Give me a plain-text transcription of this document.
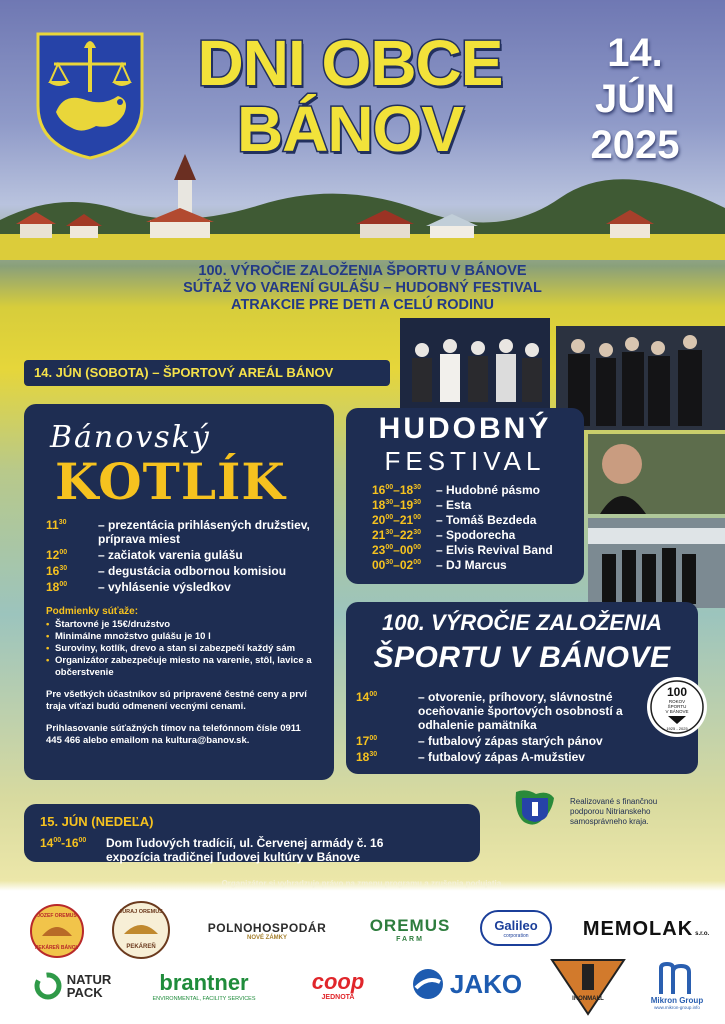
DNI OBCE
BÁNOV
14.
JÚN
2025
100. VÝROČIE ZALOŽENIA ŠPORTU V BÁNOVE
SÚŤAŽ VO VARENÍ GULÁŠU – HUDOBNÝ FESTIVAL
ATRAKCIE PRE DETI A CELÚ RODINU
14. JÚN (SOBOTA) – ŠPORTOVÝ AREÁL BÁNOV
Bánovský
KOTLÍK
$11^{30}$	– prezentácia prihlásených družstiev, príprava miest
$12^{00}$	– začiatok varenia gulášu
$16^{30}$	– degustácia odbornou komisiou
$18^{00}$	– vyhlásenie výsledkov
Podmienky súťaže:
• Štartovné je 15€/družstvo
• Minimálne množstvo gulášu je 10 l
• Suroviny, kotlík, drevo a stan si zabezpečí každý sám
• Organizátor zabezpečuje miesto na varenie, stôl, lavice a občerstvenie

Pre všetkých účastníkov sú pripravené čestné ceny a prví traja víťazi budú odmenení vecnými cenami.

Prihlasovanie súťažných tímov na telefónnom čísle 0911 445 466 alebo emailom na kultura@banov.sk.

HUDOBNÝ
FESTIVAL
$16^{00}-18^{30}$	– Hudobné pásmo
$18^{30}-19^{30}$	– Esta
$20^{00}-21^{00}$	– Tomáš Bezdeda
$21^{30}-22^{30}$	– Spodorecha
$23^{00}-00^{00}$	– Elvis Revival Band
$00^{30}-02^{00}$	– DJ Marcus
100. VÝROČIE ZALOŽENIA
ŠPORTU V BÁNOVE
$14^{00}$	– otvorenie, príhovory, slávnostné oceňovanie športových osobností a odhalenie pamätníka
$17^{00}$	– futbalový zápas starých pánov
$18^{30}$	– futbalový zápas A-mužstiev
100
ROKOV
ŠPORTU
V BÁNOVE
1925 - 2025
Realizované s finančnou podporou Nitrianskeho samosprávneho kraja.
15. JÚN (NEDEĽA)
$14^{00}-16^{00}$	Dom ľudových tradícií, ul. Červenej armády č. 16 expozícia tradičnej ľudovej kultúry v Bánove
Organizátor si vyhradzuje právo na zmenu programu a zrušenia podujatia.
JOZEF OREMUS
PEKÁREŇ BÁNOV
JURAJ OREMUS
PEKÁREŇ
POLNOHOSPODÁR
NOVÉ ZÁMKY
OREMUS
FARM
Galileo
corporation	MEMOLAK s.r.o.
NATUR
PACK	brantner
ENVIRONMENTAL, FACILITY SERVICES
coop
JEDNOTA	JAKO
IRONMALL	Mikron Group
www.mikron-group.info
